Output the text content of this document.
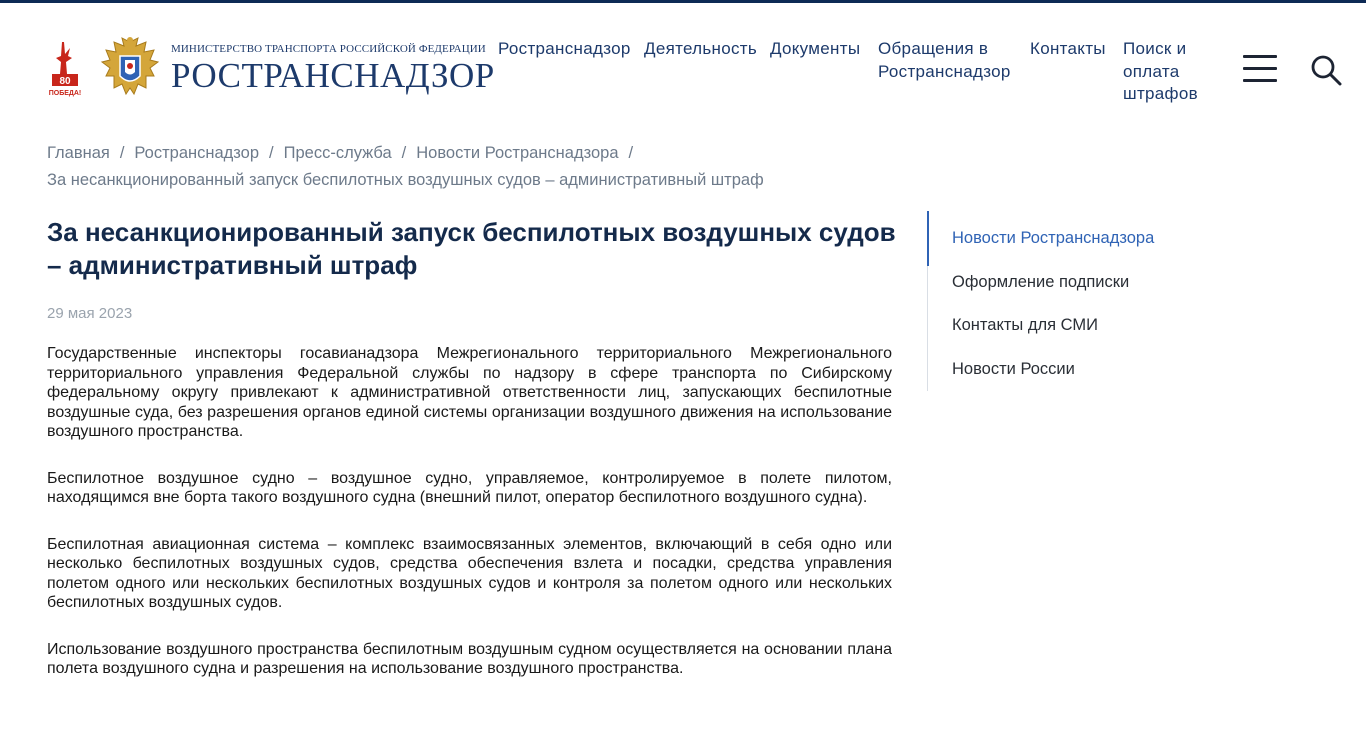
80
ПОБЕДА!
МИНИСТЕРСТВО ТРАНСПОРТА РОССИЙСКОЙ ФЕДЕРАЦИИ
РОСТРАНСНАДЗОР
Ространснадзор Деятельность Документы Обращения в Ространснадзор
Контакты Поиск и оплата штрафов
Главная / Ространснадзор / Пресс-служба / Новости Ространснадзора /
За несанкционированный запуск беспилотных воздушных судов – административный штраф
За несанкционированный запуск беспилотных воздушных судов – административный штраф
29 мая 2023

Государственные инспекторы госавианадзора Межрегионального территориального Межрегионального территориального управления Федеральной службы по надзору в сфере транспорта по Сибирскому федеральному округу привлекают к административной ответственности лиц, запускающих беспилотные воздушные суда, без разрешения органов единой системы организации воздушного движения на использование воздушного пространства.

Беспилотное воздушное судно – воздушное судно, управляемое, контролируемое в полете пилотом, находящимся вне борта такого воздушного судна (внешний пилот, оператор беспилотного воздушного судна).

Беспилотная авиационная система – комплекс взаимосвязанных элементов, включающий в себя одно или несколько беспилотных воздушных судов, средства обеспечения взлета и посадки, средства управления полетом одного или нескольких беспилотных воздушных судов и контроля за полетом одного или нескольких беспилотных воздушных судов.

Использование воздушного пространства беспилотным воздушным судном осуществляется на основании плана полета воздушного судна и разрешения на использование воздушного пространства.

Новости Ространснадзора
Оформление подписки
Контакты для СМИ
Новости России
